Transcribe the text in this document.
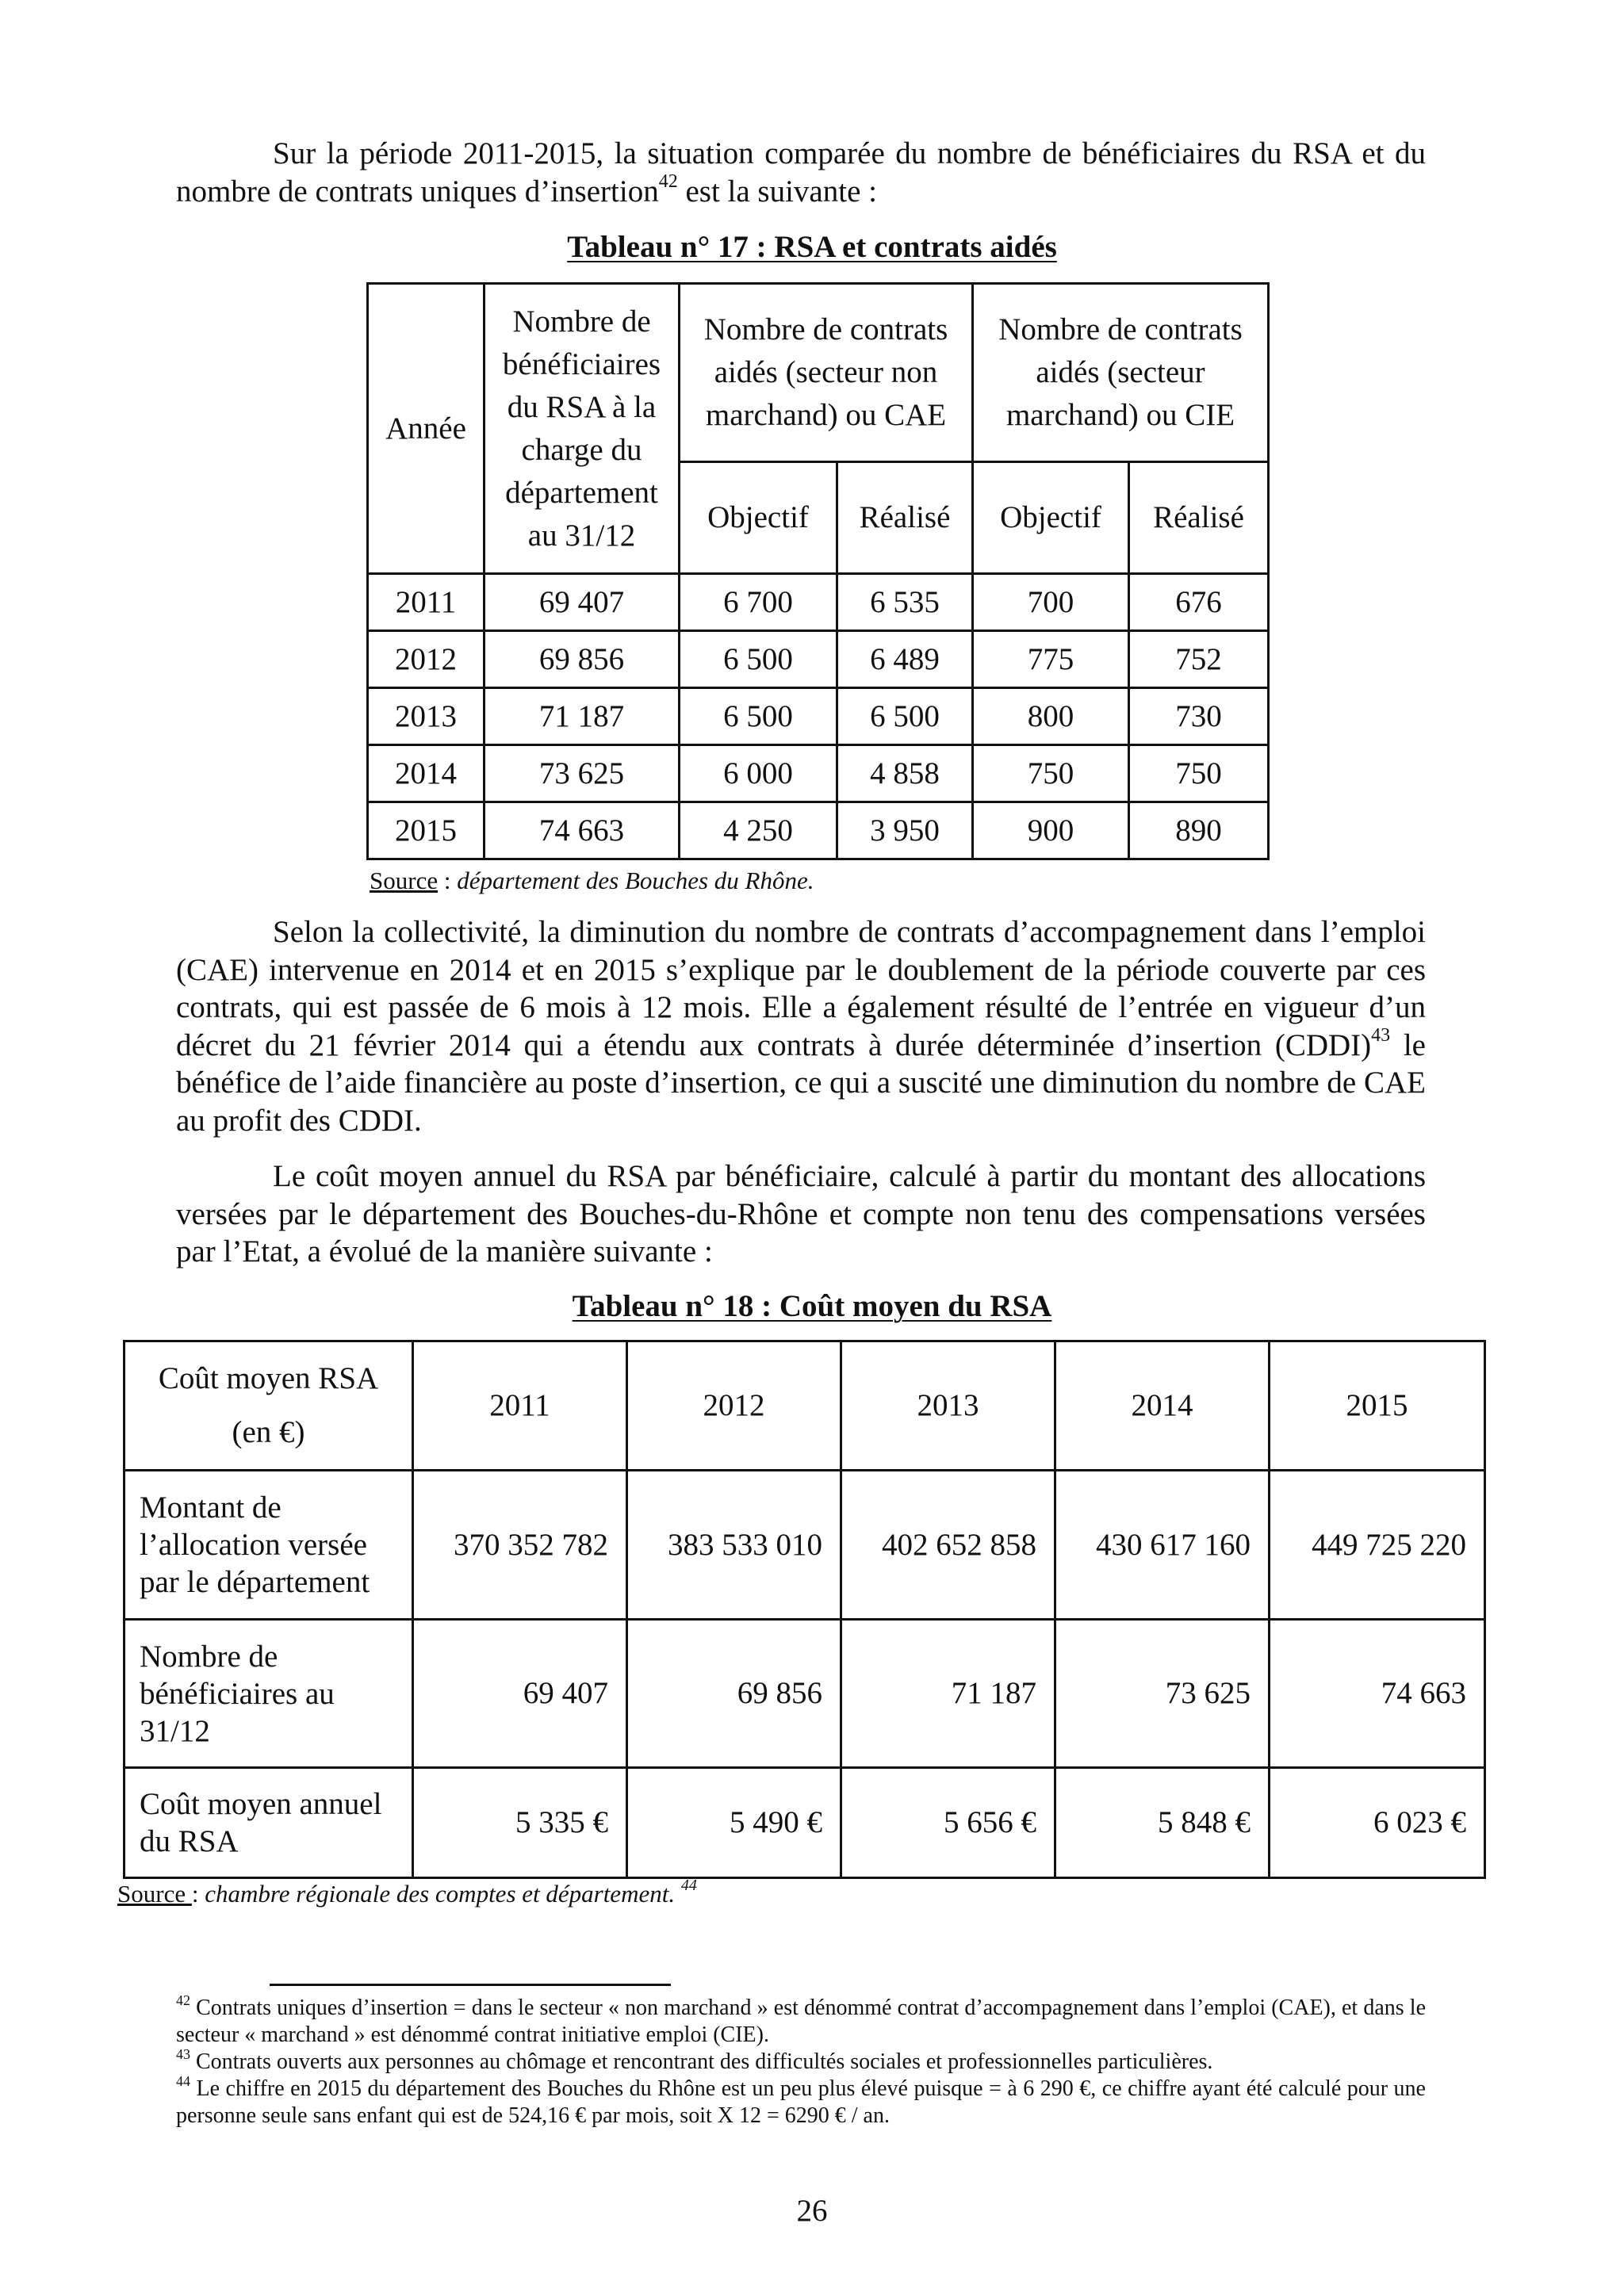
Sur la période 2011-2015, la situation comparée du nombre de bénéficiaires du RSA et du nombre de contrats uniques d’insertion$^{42}$ est la suivante :

Tableau n° 17 : RSA et contrats aidés

Année	Nombre de bénéficiaires du RSA à la charge du département au 31/12	Nombre de contrats aidés (secteur non marchand) ou CAE		Nombre de contrats aidés (secteur marchand) ou CIE	
		Objectif	Réalisé	Objectif	Réalisé
2011	69 407	6 700	6 535	700	676
2012	69 856	6 500	6 489	775	752
2013	71 187	6 500	6 500	800	730
2014	73 625	6 000	4 858	750	750
2015	74 663	4 250	3 950	900	890

Source : département des Bouches du Rhône.

Selon la collectivité, la diminution du nombre de contrats d’accompagnement dans l’emploi (CAE) intervenue en 2014 et en 2015 s’explique par le doublement de la période couverte par ces contrats, qui est passée de 6 mois à 12 mois. Elle a également résulté de l’entrée en vigueur d’un décret du 21 février 2014 qui a étendu aux contrats à durée déterminée d’insertion (CDDI)$^{43}$ le bénéfice de l’aide financière au poste d’insertion, ce qui a suscité une diminution du nombre de CAE au profit des CDDI.

Le coût moyen annuel du RSA par bénéficiaire, calculé à partir du montant des allocations versées par le département des Bouches-du-Rhône et compte non tenu des compensations versées par l’Etat, a évolué de la manière suivante :

Tableau n° 18 : Coût moyen du RSA

Coût moyen RSA
(en €)	2011	2012	2013	2014	2015
Montant de l’allocation versée par le département	370 352 782	383 533 010	402 652 858	430 617 160	449 725 220
Nombre de bénéficiaires au 31/12	69 407	69 856	71 187	73 625	74 663
Coût moyen annuel du RSA	5 335 €	5 490 €	5 656 €	5 848 €	6 023 €

Source : chambre régionale des comptes et département. $^{44}$

$^{42}$ Contrats uniques d’insertion = dans le secteur « non marchand » est dénommé contrat d’accompagnement dans l’emploi (CAE), et dans le secteur « marchand » est dénommé contrat initiative emploi (CIE).

$^{43}$ Contrats ouverts aux personnes au chômage et rencontrant des difficultés sociales et professionnelles particulières.

$^{44}$ Le chiffre en 2015 du département des Bouches du Rhône est un peu plus élevé puisque = à 6 290 €, ce chiffre ayant été calculé pour une personne seule sans enfant qui est de 524,16 € par mois, soit X 12 = 6290 € / an.

26
